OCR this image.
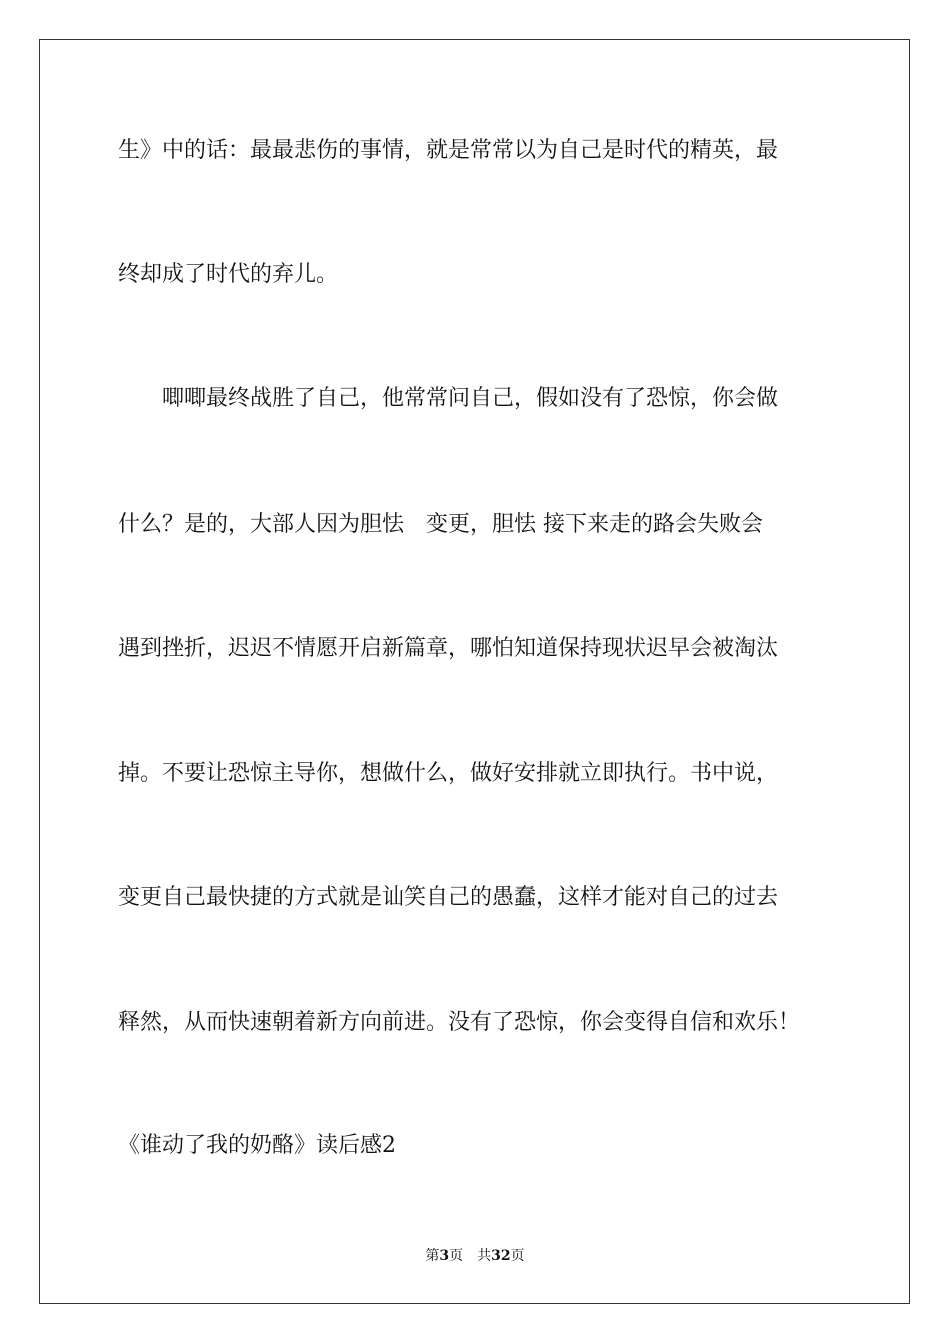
生》中的话：最最悲伤的事情，就是常常以为自己是时代的精英，最
终却成了时代的弃儿。
唧唧最终战胜了自己，他常常问自己，假如没有了恐惊，你会做
什么？是的，大部人因为胆怯　变更，胆怯 接下来走的路会失败会
遇到挫折，迟迟不情愿开启新篇章，哪怕知道保持现状迟早会被淘汰
掉。不要让恐惊主导你，想做什么，做好安排就立即执行。书中说，
变更自己最快捷的方式就是讪笑自己的愚蠢，这样才能对自己的过去
释然，从而快速朝着新方向前进。没有了恐惊，你会变得自信和欢乐！
《谁动了我的奶酪》读后感2
第3页　共32页
